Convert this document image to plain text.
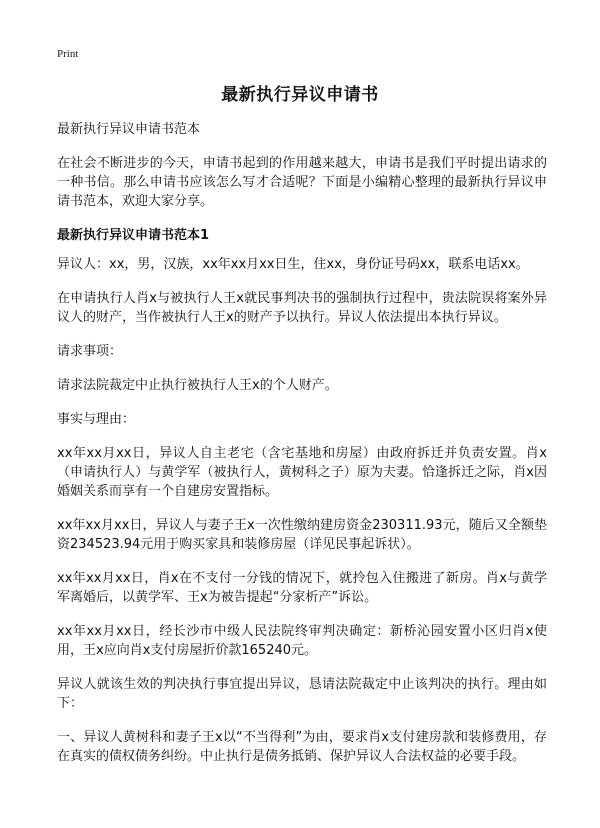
Print
最新执行异议申请书

最新执行异议申请书范本

在社会不断进步的今天，申请书起到的作用越来越大，申请书是我们平时提出请求的一种书信。那么申请书应该怎么写才合适呢？下面是小编精心整理的最新执行异议申请书范本，欢迎大家分享。

最新执行异议申请书范本1

异议人：xx，男，汉族，xx年xx月xx日生，住xx，身份证号码xx，联系电话xx。

在申请执行人肖x与被执行人王x就民事判决书的强制执行过程中，贵法院误将案外异议人的财产，当作被执行人王x的财产予以执行。异议人依法提出本执行异议。

请求事项：

请求法院裁定中止执行被执行人王x的个人财产。

事实与理由：

xx年xx月xx日，异议人自主老宅（含宅基地和房屋）由政府拆迁并负责安置。肖x（申请执行人）与黄学军（被执行人，黄树科之子）原为夫妻。恰逢拆迁之际，肖x因婚姻关系而享有一个自建房安置指标。

xx年xx月xx日，异议人与妻子王x一次性缴纳建房资金230311.93元，随后又全额垫资234523.94元用于购买家具和装修房屋（详见民事起诉状）。

xx年xx月xx日，肖x在不支付一分钱的情况下，就拎包入住搬进了新房。肖x与黄学军离婚后，以黄学军、王x为被告提起“分家析产”诉讼。

xx年xx月xx日，经长沙市中级人民法院终审判决确定：新桥沁园安置小区归肖x使用，王x应向肖x支付房屋折价款165240元。

异议人就该生效的判决执行事宜提出异议，恳请法院裁定中止该判决的执行。理由如下：

一、异议人黄树科和妻子王x以“不当得利”为由，要求肖x支付建房款和装修费用，存在真实的债权债务纠纷。中止执行是债务抵销、保护异议人合法权益的必要手段。
